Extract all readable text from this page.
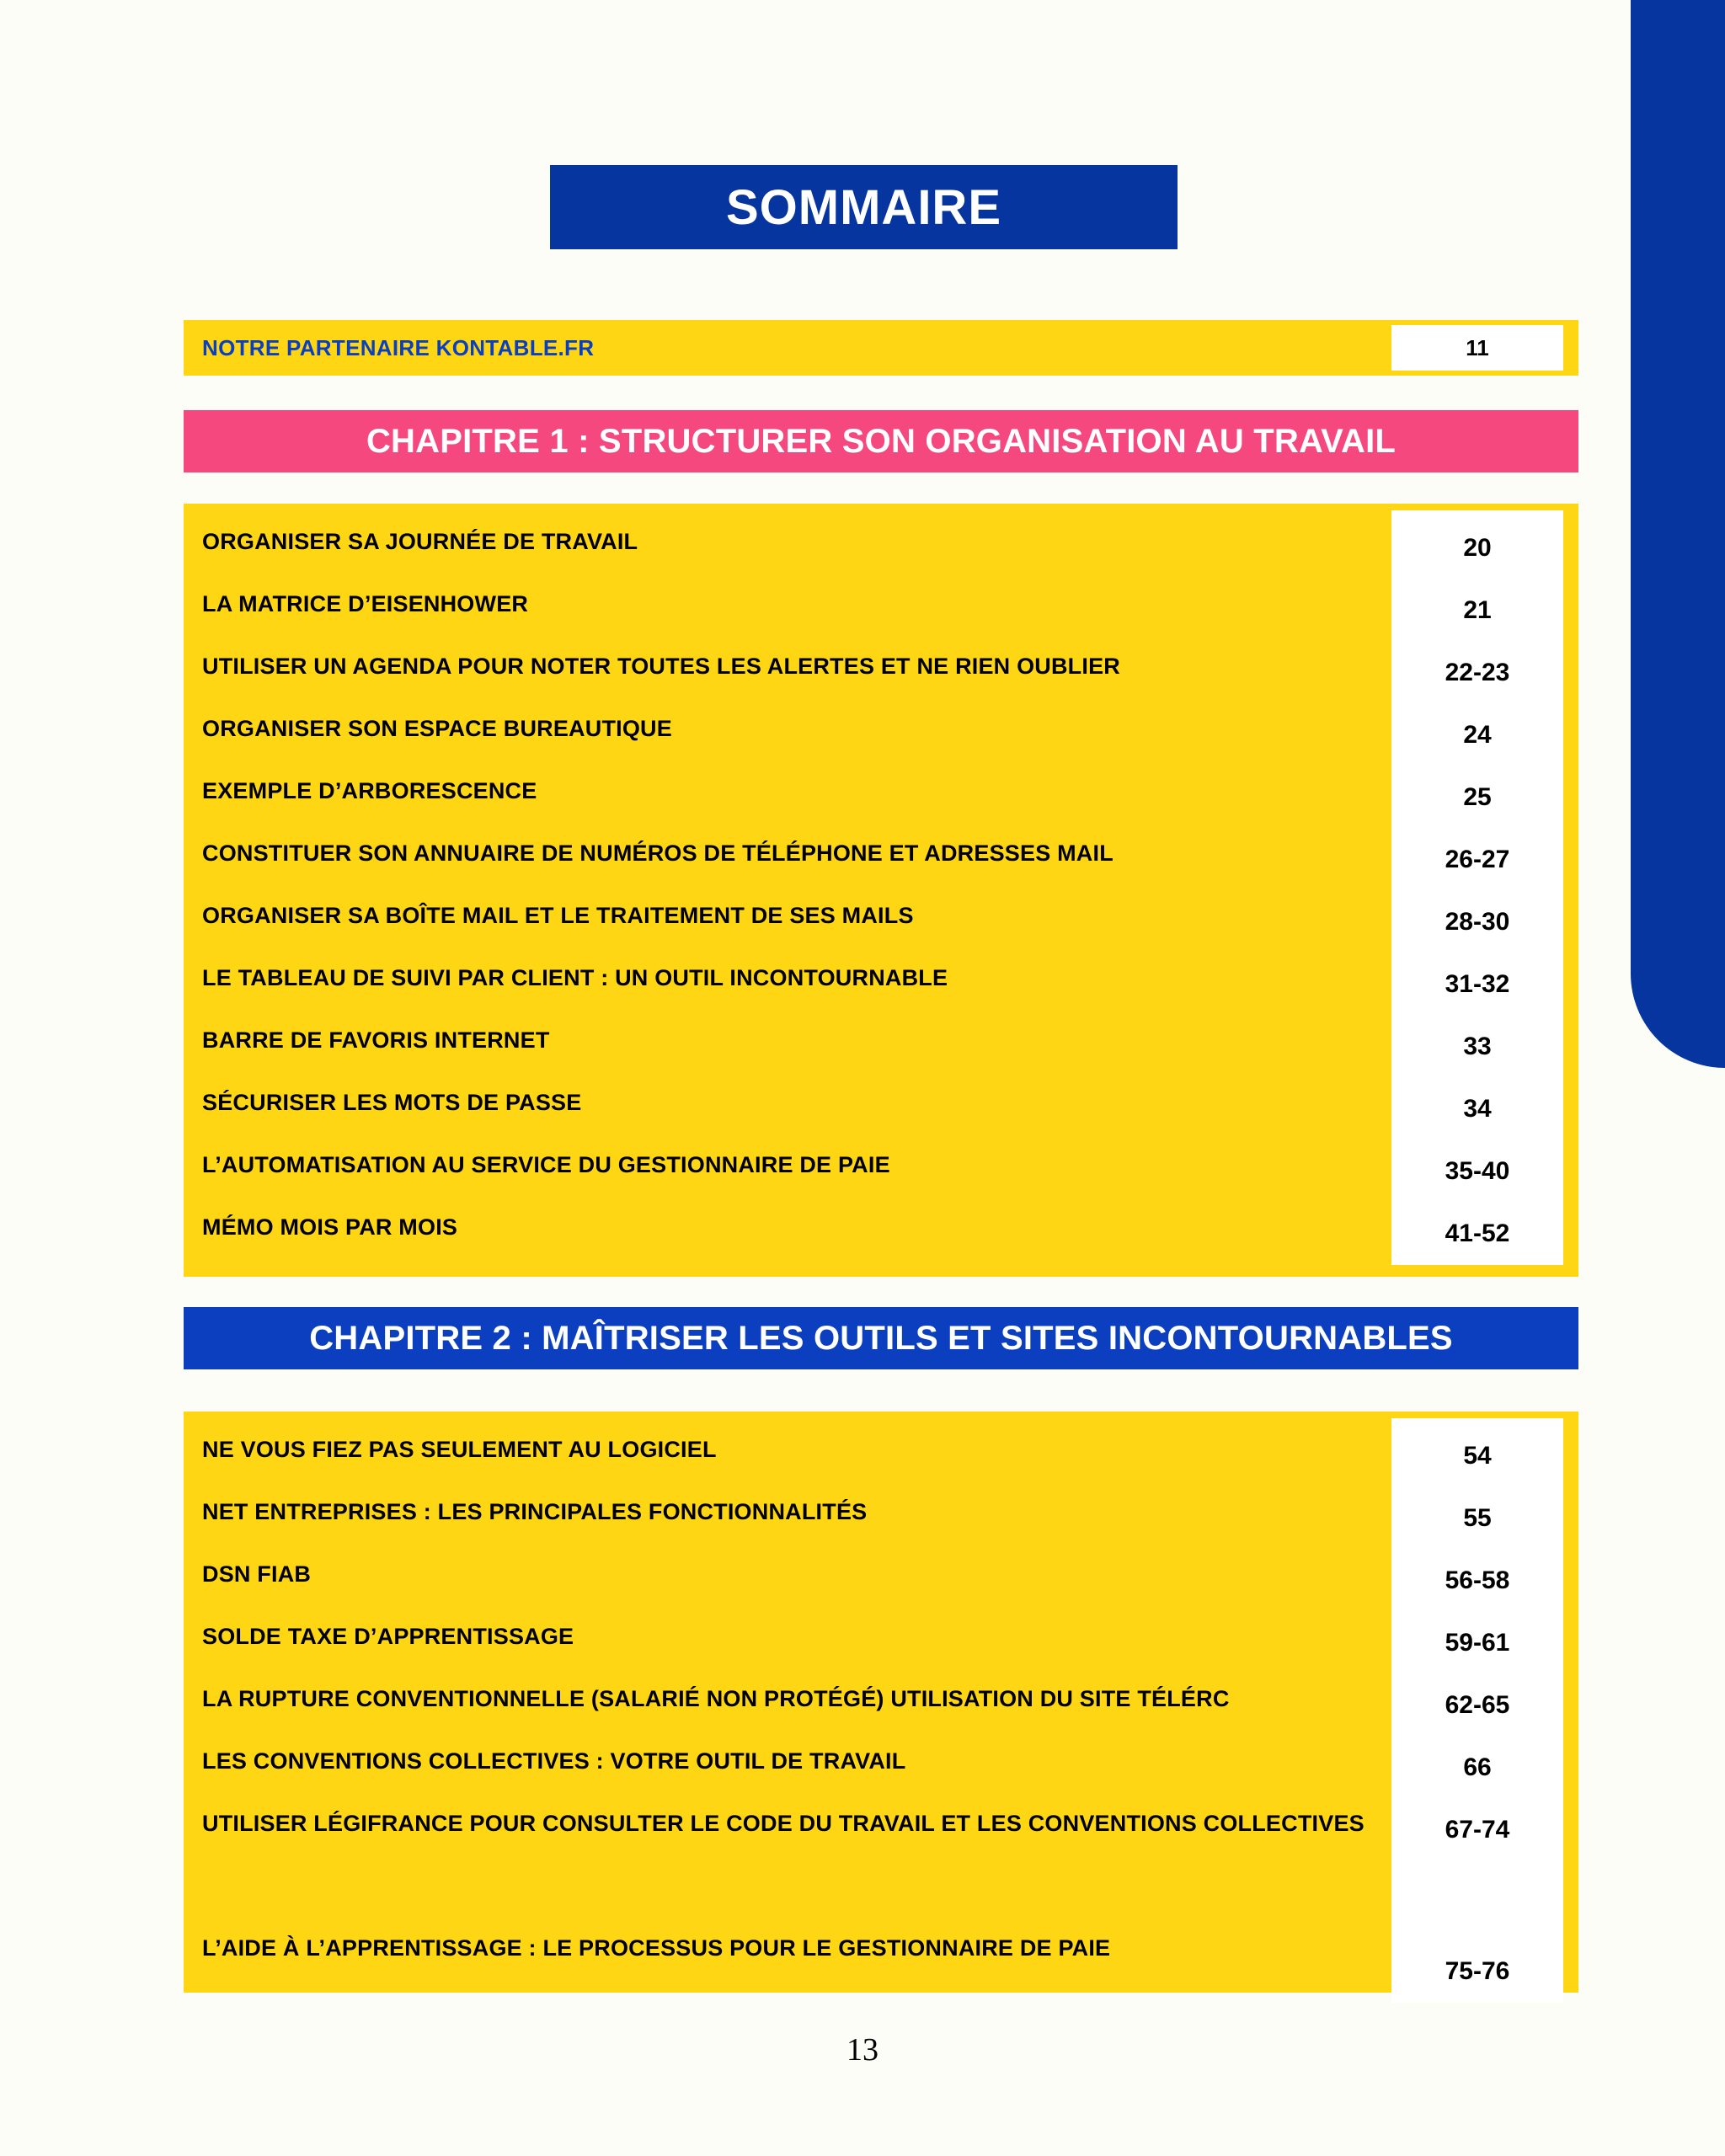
SOMMAIRE
NOTRE PARTENAIRE KONTABLE.FR	11
CHAPITRE 1 : STRUCTURER SON ORGANISATION AU TRAVAIL
ORGANISER SA JOURNÉE DE TRAVAIL
LA MATRICE D’EISENHOWER
UTILISER UN AGENDA POUR NOTER TOUTES LES ALERTES ET NE RIEN OUBLIER
ORGANISER SON ESPACE BUREAUTIQUE
EXEMPLE D’ARBORESCENCE
CONSTITUER SON ANNUAIRE DE NUMÉROS DE TÉLÉPHONE ET ADRESSES MAIL
ORGANISER SA BOÎTE MAIL ET LE TRAITEMENT DE SES MAILS
LE TABLEAU DE SUIVI PAR CLIENT : UN OUTIL INCONTOURNABLE
BARRE DE FAVORIS INTERNET
SÉCURISER LES MOTS DE PASSE
L’AUTOMATISATION AU SERVICE DU GESTIONNAIRE DE PAIE
MÉMO MOIS PAR MOIS
20
21
22-23
24
25
26-27
28-30
31-32
33
34
35-40
41-52
CHAPITRE 2 : MAÎTRISER LES OUTILS ET SITES INCONTOURNABLES
NE VOUS FIEZ PAS SEULEMENT AU LOGICIEL
NET ENTREPRISES : LES PRINCIPALES FONCTIONNALITÉS
DSN FIAB
SOLDE TAXE D’APPRENTISSAGE
LA RUPTURE CONVENTIONNELLE (SALARIÉ NON PROTÉGÉ) UTILISATION DU SITE TÉLÉRC
LES CONVENTIONS COLLECTIVES : VOTRE OUTIL DE TRAVAIL
UTILISER LÉGIFRANCE POUR CONSULTER LE CODE DU TRAVAIL ET LES CONVENTIONS COLLECTIVES
L’AIDE À L’APPRENTISSAGE : LE PROCESSUS POUR LE GESTIONNAIRE DE PAIE
54
55
56-58
59-61
62-65
66
67-74
75-76
13
